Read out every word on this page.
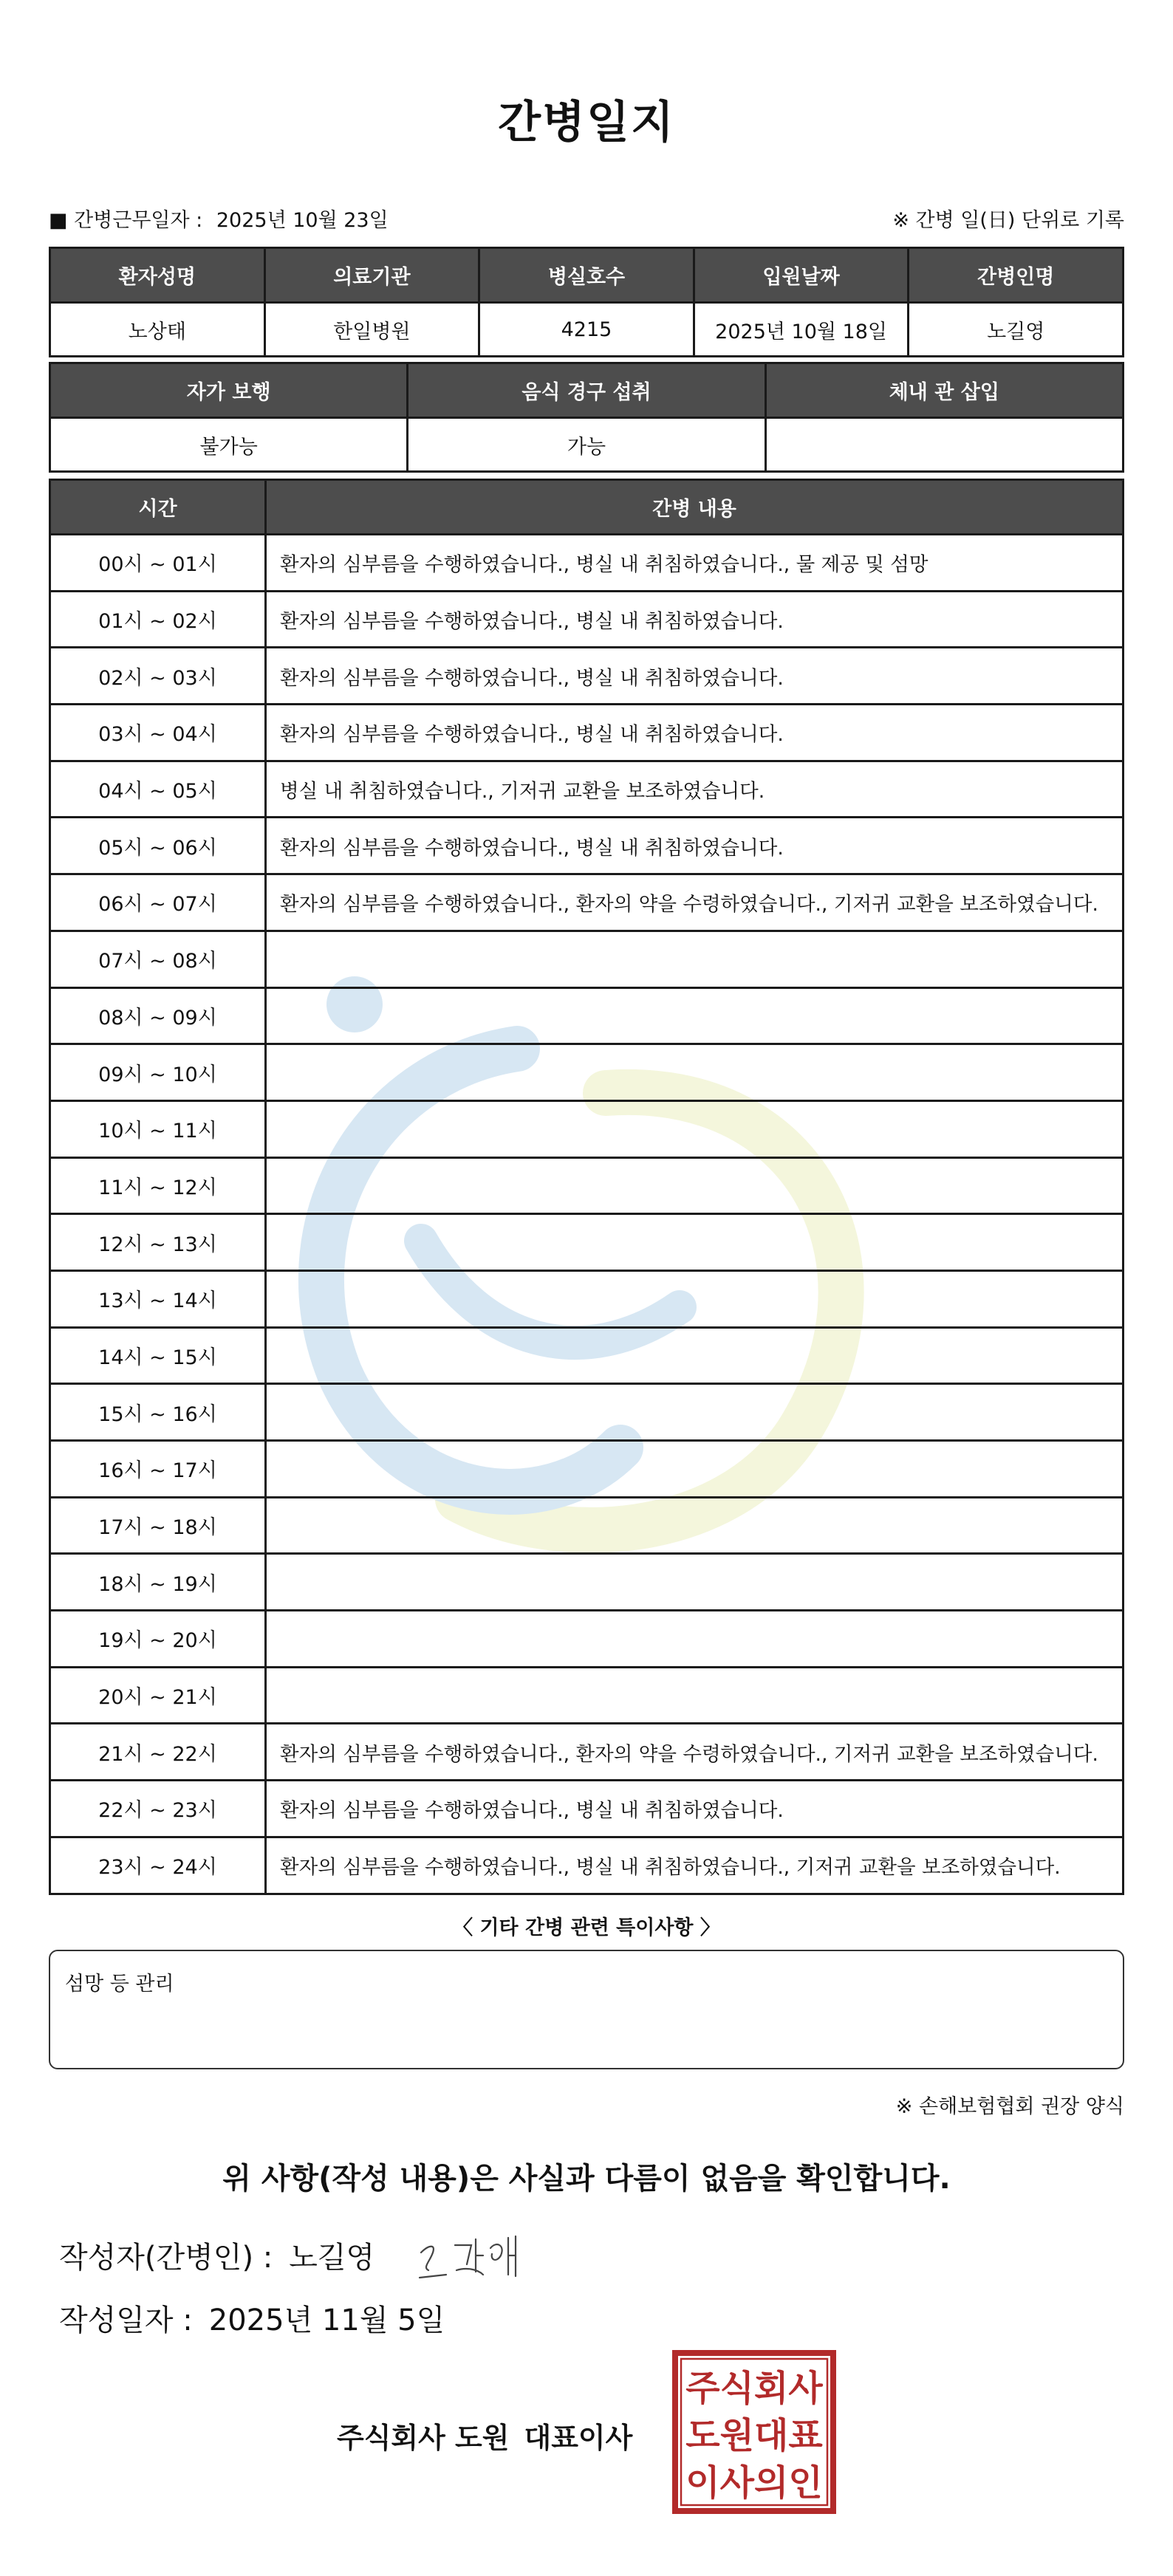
간병일지
■ 간병근무일자 : 2025년 10월 23일	※ 간병 일(日) 단위로 기록
환자성명	의료기관	병실호수	입원날짜	간병인명
노상태	한일병원	4215	2025년 10월 18일	노길영
자가 보행	음식 경구 섭취	체내 관 삽입
불가능	가능	
시간	간병 내용
00시 ~ 01시	환자의 심부름을 수행하였습니다., 병실 내 취침하였습니다., 물 제공 및 섬망
01시 ~ 02시	환자의 심부름을 수행하였습니다., 병실 내 취침하였습니다.
02시 ~ 03시	환자의 심부름을 수행하였습니다., 병실 내 취침하였습니다.
03시 ~ 04시	환자의 심부름을 수행하였습니다., 병실 내 취침하였습니다.
04시 ~ 05시	병실 내 취침하였습니다., 기저귀 교환을 보조하였습니다.
05시 ~ 06시	환자의 심부름을 수행하였습니다., 병실 내 취침하였습니다.
06시 ~ 07시	환자의 심부름을 수행하였습니다., 환자의 약을 수령하였습니다., 기저귀 교환을 보조하였습니다.
07시 ~ 08시	
08시 ~ 09시	
09시 ~ 10시	
10시 ~ 11시	
11시 ~ 12시	
12시 ~ 13시	
13시 ~ 14시	
14시 ~ 15시	
15시 ~ 16시	
16시 ~ 17시	
17시 ~ 18시	
18시 ~ 19시	
19시 ~ 20시	
20시 ~ 21시	
21시 ~ 22시	환자의 심부름을 수행하였습니다., 환자의 약을 수령하였습니다., 기저귀 교환을 보조하였습니다.
22시 ~ 23시	환자의 심부름을 수행하였습니다., 병실 내 취침하였습니다.
23시 ~ 24시	환자의 심부름을 수행하였습니다., 병실 내 취침하였습니다., 기저귀 교환을 보조하였습니다.
〈 기타 간병 관련 특이사항 〉
섬망 등 관리
※ 손해보험협회 권장 양식
위 사항(작성 내용)은 사실과 다름이 없음을 확인합니다.
작성자(간병인) : 노길영
작성일자 : 2025년 11월 5일
주식회사 도원 대표이사
주식회사
도원대표
이사의인
